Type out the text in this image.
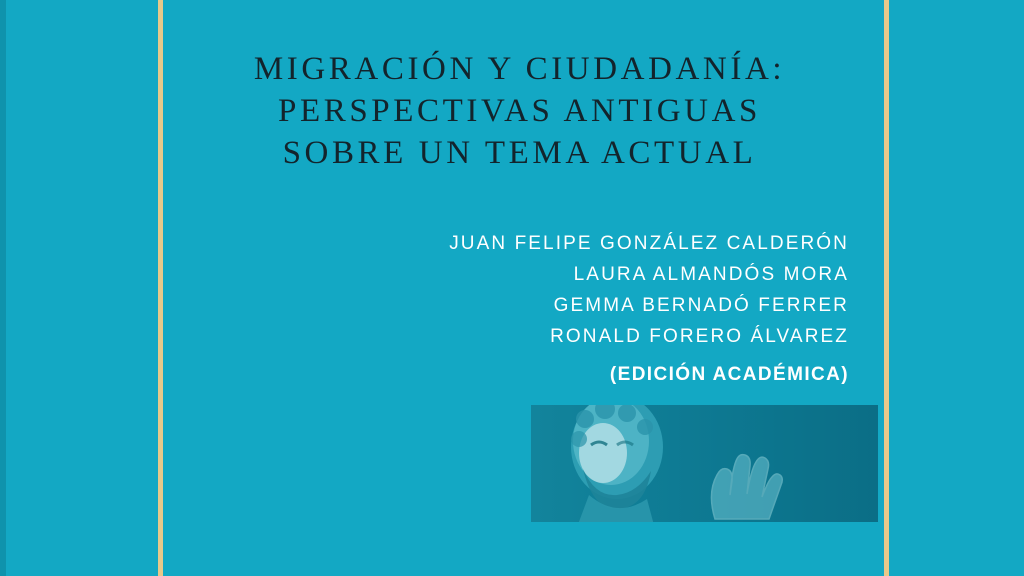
MIGRACIÓN Y CIUDADANÍA:
PERSPECTIVAS ANTIGUAS
SOBRE UN TEMA ACTUAL
JUAN FELIPE GONZÁLEZ CALDERÓN
LAURA ALMANDÓS MORA
GEMMA BERNADÓ FERRER
RONALD FORERO ÁLVAREZ
(EDICIÓN ACADÉMICA)
